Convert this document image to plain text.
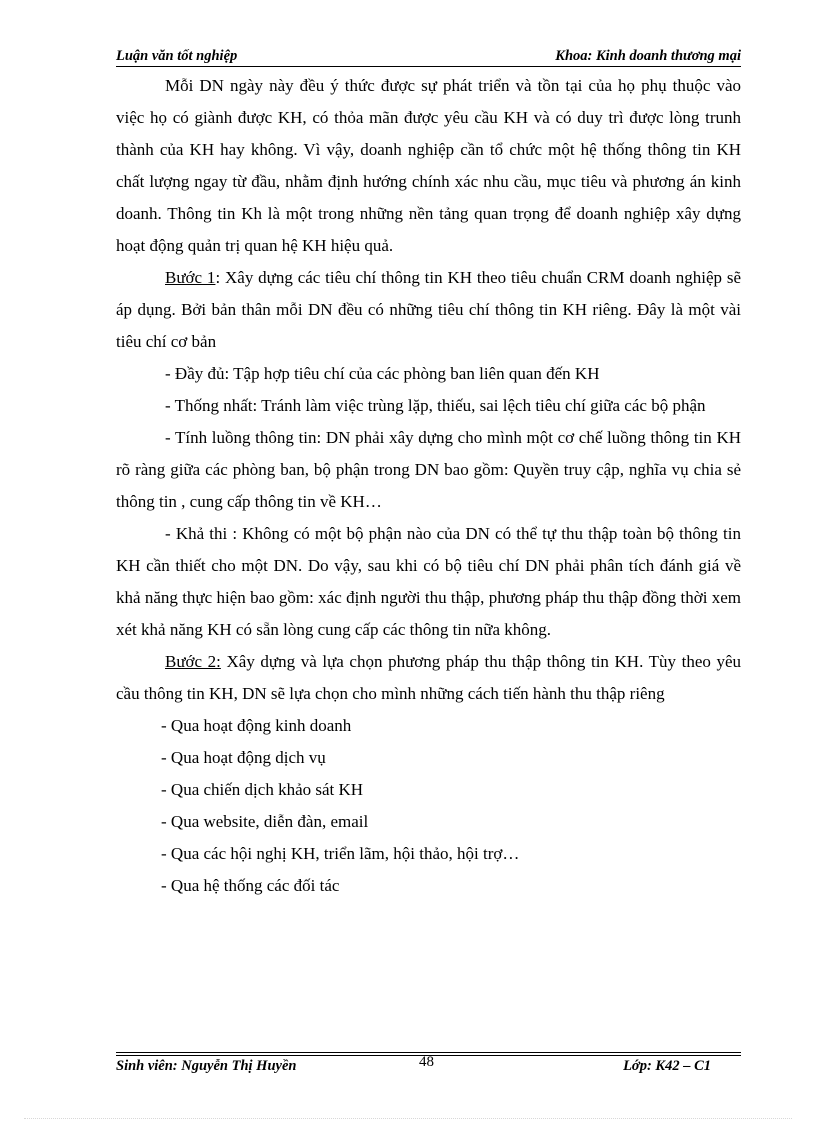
Luận văn tốt nghiệp	Khoa: Kinh doanh thương mại

Mỗi DN ngày này đều ý thức được sự phát triển và tồn tại của họ phụ thuộc vào việc họ có giành được KH, có thỏa mãn được yêu cầu KH và có duy trì được lòng trunh thành của KH hay không. Vì vậy, doanh nghiệp cần tổ chức một hệ thống thông tin KH chất lượng ngay từ đầu, nhằm định hướng chính xác nhu cầu, mục tiêu và phương án kinh doanh. Thông tin Kh là một trong những nền tảng quan trọng để doanh nghiệp xây dựng hoạt động quản trị quan hệ KH hiệu quả.

Bước 1: Xây dựng các tiêu chí thông tin KH theo tiêu chuẩn CRM doanh nghiệp sẽ áp dụng. Bởi bản thân mỗi DN đều có những tiêu chí thông tin KH riêng. Đây là một vài tiêu chí cơ bản

- Đầy đủ: Tập hợp tiêu chí của các phòng ban liên quan đến KH

- Thống nhất: Tránh làm việc trùng lặp, thiếu, sai lệch tiêu chí giữa các bộ phận

- Tính luồng thông tin: DN phải xây dựng cho mình một cơ chế luồng thông tin KH rõ ràng giữa các phòng ban, bộ phận trong DN bao gồm: Quyền truy cập, nghĩa vụ chia sẻ thông tin , cung cấp thông tin về KH…

- Khả thi : Không có một bộ phận nào của DN có thể tự thu thập toàn bộ thông tin KH cần thiết cho một DN. Do vậy, sau khi có bộ tiêu chí DN phải phân tích đánh giá về khả năng thực hiện bao gồm: xác định người thu thập, phương pháp thu thập đồng thời xem xét khả năng KH có sẵn lòng cung cấp các thông tin nữa không.

Bước 2: Xây dựng và lựa chọn phương pháp thu thập thông tin KH. Tùy theo yêu cầu thông tin KH, DN sẽ lựa chọn cho mình những cách tiến hành thu thập riêng

- Qua hoạt động kinh doanh

- Qua hoạt động dịch vụ

- Qua chiến dịch khảo sát KH

- Qua website, diễn đàn, email

- Qua các hội nghị KH, triển lãm, hội thảo, hội trợ…

- Qua hệ thống các đối tác

Sinh viên: Nguyễn Thị Huyền	48	Lớp: K42 – C1
